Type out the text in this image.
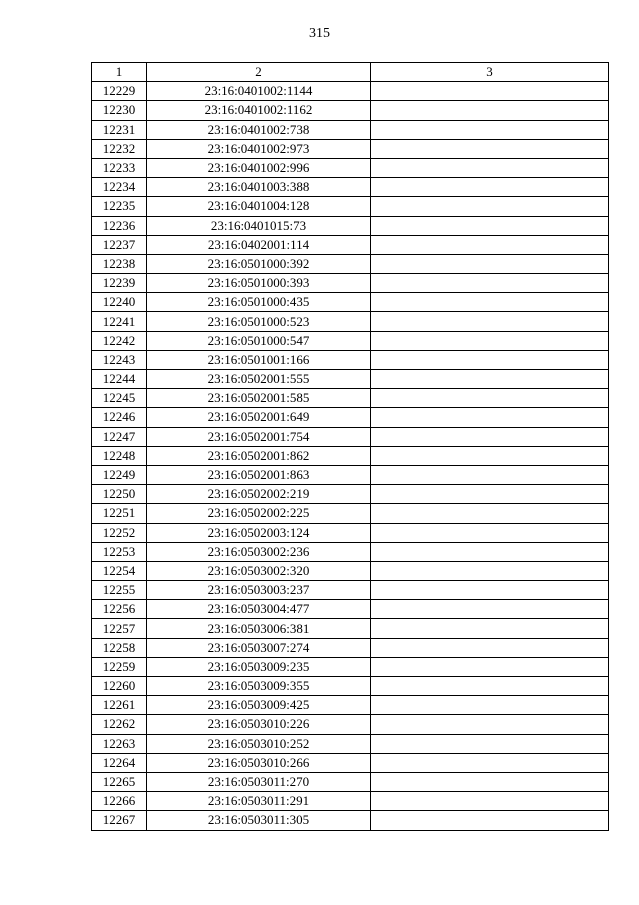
315
1	2	3
12229	23:16:0401002:1144	
12230	23:16:0401002:1162	
12231	23:16:0401002:738	
12232	23:16:0401002:973	
12233	23:16:0401002:996	
12234	23:16:0401003:388	
12235	23:16:0401004:128	
12236	23:16:0401015:73	
12237	23:16:0402001:114	
12238	23:16:0501000:392	
12239	23:16:0501000:393	
12240	23:16:0501000:435	
12241	23:16:0501000:523	
12242	23:16:0501000:547	
12243	23:16:0501001:166	
12244	23:16:0502001:555	
12245	23:16:0502001:585	
12246	23:16:0502001:649	
12247	23:16:0502001:754	
12248	23:16:0502001:862	
12249	23:16:0502001:863	
12250	23:16:0502002:219	
12251	23:16:0502002:225	
12252	23:16:0502003:124	
12253	23:16:0503002:236	
12254	23:16:0503002:320	
12255	23:16:0503003:237	
12256	23:16:0503004:477	
12257	23:16:0503006:381	
12258	23:16:0503007:274	
12259	23:16:0503009:235	
12260	23:16:0503009:355	
12261	23:16:0503009:425	
12262	23:16:0503010:226	
12263	23:16:0503010:252	
12264	23:16:0503010:266	
12265	23:16:0503011:270	
12266	23:16:0503011:291	
12267	23:16:0503011:305	
